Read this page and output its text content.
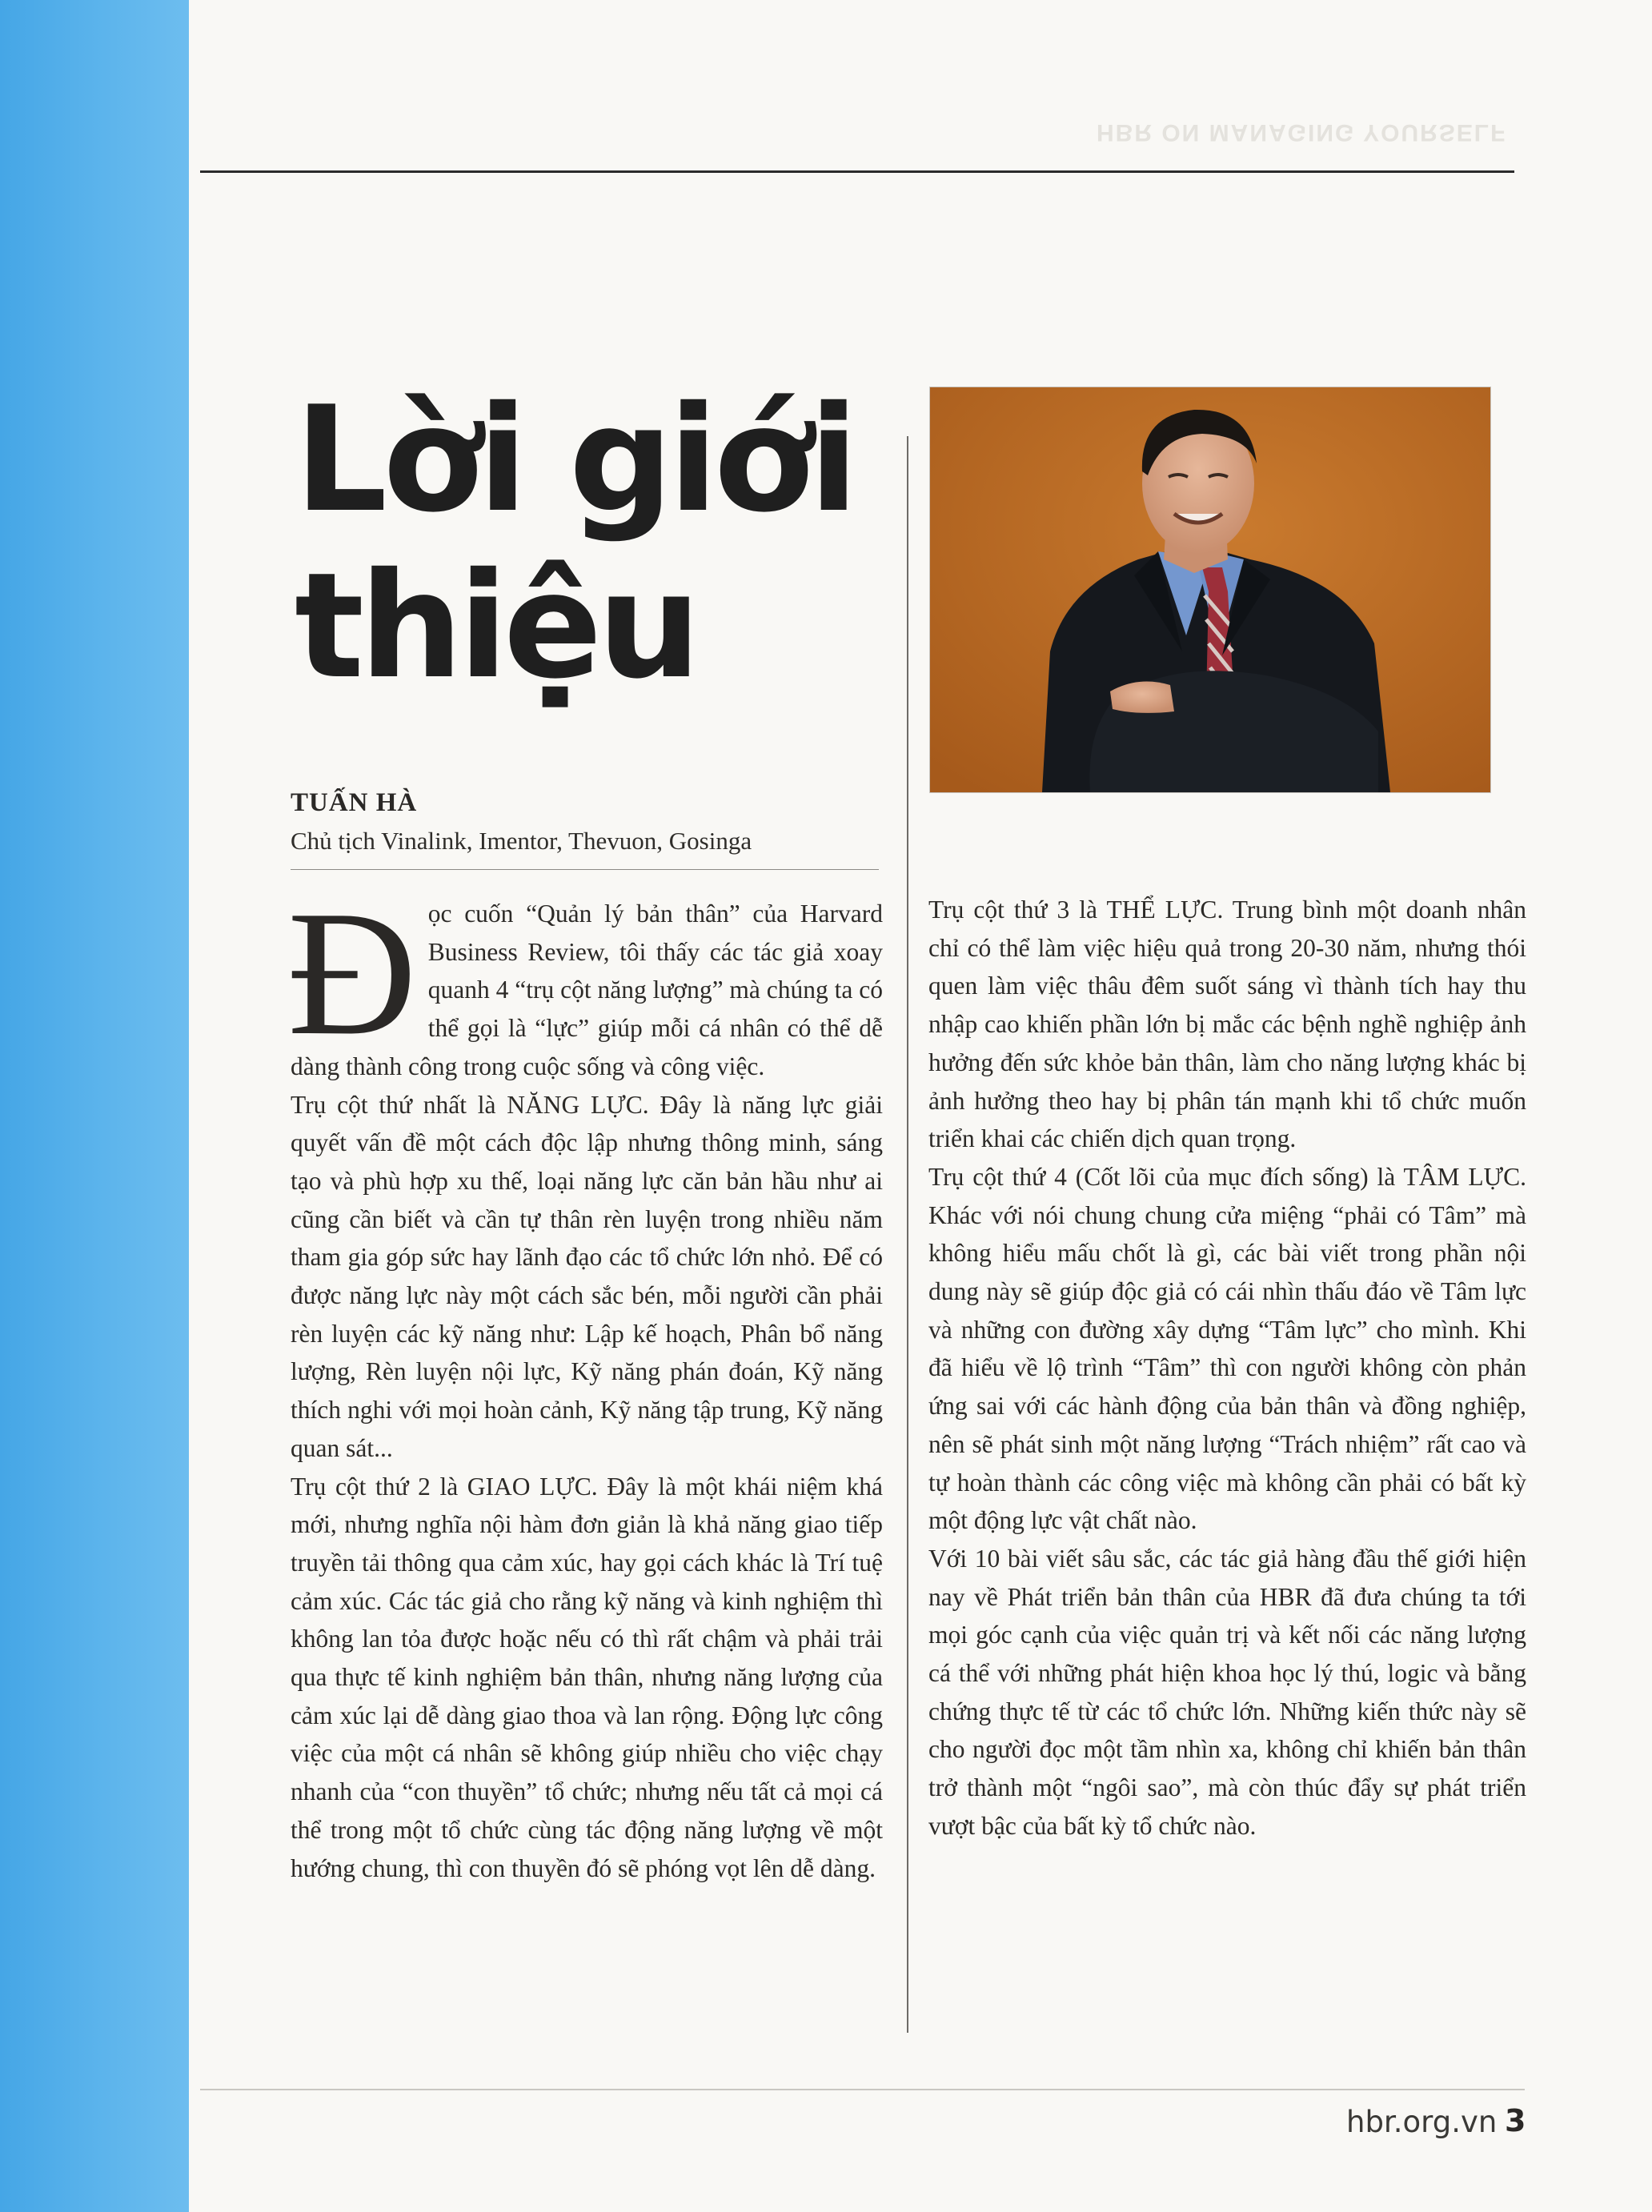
HBR ON MANAGING YOURSELF
Lời giới
thiệu
TUẤN HÀ
Chủ tịch Vinalink, Imentor, Thevuon, Gosinga

Đọc cuốn “Quản lý bản thân” của Harvard Business Review, tôi thấy các tác giả xoay quanh 4 “trụ cột năng lượng” mà chúng ta có thể gọi là “lực” giúp mỗi cá nhân có thể dễ dàng thành công trong cuộc sống và công việc.

Trụ cột thứ nhất là NĂNG LỰC. Đây là năng lực giải quyết vấn đề một cách độc lập nhưng thông minh, sáng tạo và phù hợp xu thế, loại năng lực căn bản hầu như ai cũng cần biết và cần tự thân rèn luyện trong nhiều năm tham gia góp sức hay lãnh đạo các tổ chức lớn nhỏ. Để có được năng lực này một cách sắc bén, mỗi người cần phải rèn luyện các kỹ năng như: Lập kế hoạch, Phân bổ năng lượng, Rèn luyện nội lực, Kỹ năng phán đoán, Kỹ năng thích nghi với mọi hoàn cảnh, Kỹ năng tập trung, Kỹ năng quan sát...

Trụ cột thứ 2 là GIAO LỰC. Đây là một khái niệm khá mới, nhưng nghĩa nội hàm đơn giản là khả năng giao tiếp truyền tải thông qua cảm xúc, hay gọi cách khác là Trí tuệ cảm xúc. Các tác giả cho rằng kỹ năng và kinh nghiệm thì không lan tỏa được hoặc nếu có thì rất chậm và phải trải qua thực tế kinh nghiệm bản thân, nhưng năng lượng của cảm xúc lại dễ dàng giao thoa và lan rộng. Động lực công việc của một cá nhân sẽ không giúp nhiều cho việc chạy nhanh của “con thuyền” tổ chức; nhưng nếu tất cả mọi cá thể trong một tổ chức cùng tác động năng lượng về một hướng chung, thì con thuyền đó sẽ phóng vọt lên dễ dàng.

Trụ cột thứ 3 là THỂ LỰC. Trung bình một doanh nhân chỉ có thể làm việc hiệu quả trong 20-30 năm, nhưng thói quen làm việc thâu đêm suốt sáng vì thành tích hay thu nhập cao khiến phần lớn bị mắc các bệnh nghề nghiệp ảnh hưởng đến sức khỏe bản thân, làm cho năng lượng khác bị ảnh hưởng theo hay bị phân tán mạnh khi tổ chức muốn triển khai các chiến dịch quan trọng.

Trụ cột thứ 4 (Cốt lõi của mục đích sống) là TÂM LỰC. Khác với nói chung chung cửa miệng “phải có Tâm” mà không hiểu mấu chốt là gì, các bài viết trong phần nội dung này sẽ giúp độc giả có cái nhìn thấu đáo về Tâm lực và những con đường xây dựng “Tâm lực” cho mình. Khi đã hiểu về lộ trình “Tâm” thì con người không còn phản ứng sai với các hành động của bản thân và đồng nghiệp, nên sẽ phát sinh một năng lượng “Trách nhiệm” rất cao và tự hoàn thành các công việc mà không cần phải có bất kỳ một động lực vật chất nào.

Với 10 bài viết sâu sắc, các tác giả hàng đầu thế giới hiện nay về Phát triển bản thân của HBR đã đưa chúng ta tới mọi góc cạnh của việc quản trị và kết nối các năng lượng cá thể với những phát hiện khoa học lý thú, logic và bằng chứng thực tế từ các tổ chức lớn. Những kiến thức này sẽ cho người đọc một tầm nhìn xa, không chỉ khiến bản thân trở thành một “ngôi sao”, mà còn thúc đẩy sự phát triển vượt bậc của bất kỳ tổ chức nào.

hbr.org.vn 3
